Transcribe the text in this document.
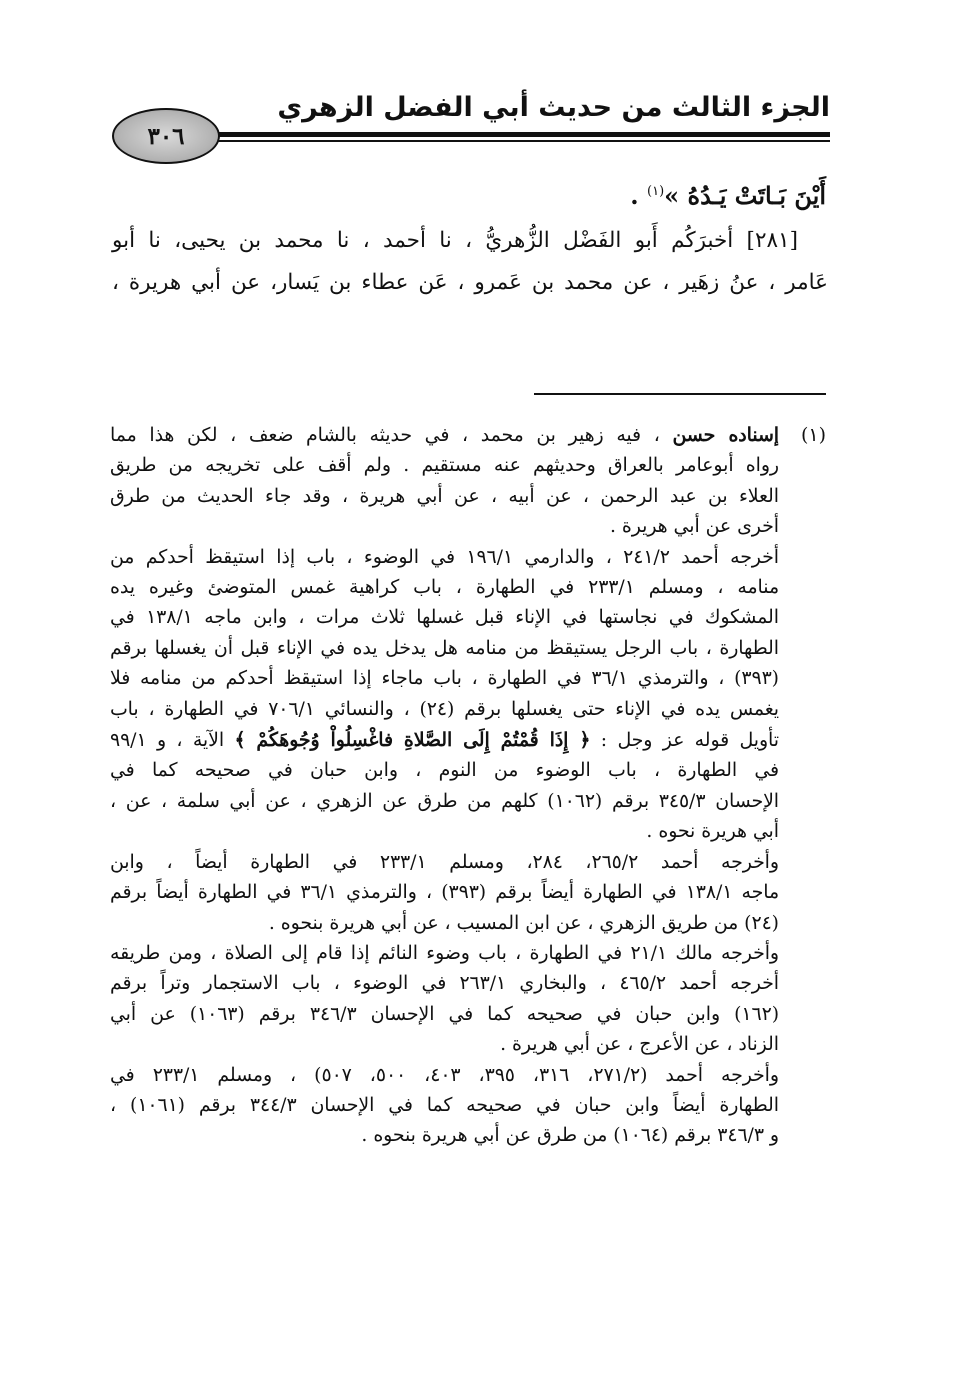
الجزء الثالث من حديث أبي الفضل الزهري
٣٠٦
أَيْنَ بَـاتَتْ يَـدُهُ »$^{(١)}$ .

[٢٨١] أخبرَكُم أَبو الفَضْل الزُّهريُّ ، نا أحمد ، نا محمد بن يحيى، نا أبو

عَامر ، عنُ زهَير ، عن محمد بن عَمرو ، عَن عطاء بن يَسار، عن أبي هريرة ،

(١)

إسناده حسن ، فيه زهير بن محمد ، في حديثه بالشام ضعف ، لكن هذا مما

رواه أبوعامر بالعراق وحديثهم عنه مستقيم . ولم أقف على تخريجه من طريق

العلاء بن عبد الرحمن ، عن أبيه ، عن أبي هريرة ، وقد جاء الحديث من طرق

أخرى عن أبي هريرة .

أخرجه أحمد ٢٤١/٢ ، والدارمي ١٩٦/١ في الوضوء ، باب إذا استيقظ أحدكم من

منامه ، ومسلم ٢٣٣/١ في الطهارة ، باب كراهية غمس المتوضئ وغيره يده

المشكوك في نجاستها في الإناء قبل غسلها ثلاث مرات ، وابن ماجه ١٣٨/١ في

الطهارة ، باب الرجل يستيقظ من منامه هل يدخل يده في الإناء قبل أن يغسلها برقم

(٣٩٣) ، والترمذي ٣٦/١ في الطهارة ، باب ماجاء إذا استيقظ أحدكم من منامه فلا

يغمس يده في الإناء حتى يغسلها برقم (٢٤) ، والنسائي ٧٠٦/١ في الطهارة ، باب

تأويل قوله عز وجل : ﴿ إِذَا قُمْتُمْ إِلَى الصَّلاةِ فاغْسِلُواْ وُجُوهَكُمْ ﴾ الآية ، و ٩٩/١

في الطهارة ، باب الوضوء من النوم ، وابن حبان في صحيحه كما في

الإحسان ٣٤٥/٣ برقم (١٠٦٢) كلهم من طرق عن الزهري ، عن أبي سلمة ، عن ،

أبي هريرة نحوه .

وأخرجه أحمد ٢٦٥/٢، ٢٨٤، ومسلم ٢٣٣/١ في الطهارة أيضاً ، وابن

ماجه ١٣٨/١ في الطهارة أيضاً برقم (٣٩٣) ، والترمذي ٣٦/١ في الطهارة أيضاً برقم

(٢٤) من طريق الزهري ، عن ابن المسيب ، عن أبي هريرة بنحوه .

وأخرجه مالك ٢١/١ في الطهارة ، باب وضوء النائم إذا قام إلى الصلاة ، ومن طريقه

أخرجه أحمد ٤٦٥/٢ ، والبخاري ٢٦٣/١ في الوضوء ، باب الاستجمار وتراً برقم

(١٦٢) وابن حبان في صحيحه كما في الإحسان ٣٤٦/٣ برقم (١٠٦٣) عن أبي

الزناد ، عن الأعرج ، عن أبي هريرة .

وأخرجه أحمد (٢٧١/٢، ٣١٦، ٣٩٥، ٤٠٣، ٥٠٠، ٥٠٧) ، ومسلم ٢٣٣/١ في

الطهارة أيضاً وابن حبان في صحيحه كما في الإحسان ٣٤٤/٣ برقم (١٠٦١) ،

و ٣٤٦/٣ برقم (١٠٦٤) من طرق عن أبي هريرة بنحوه .
